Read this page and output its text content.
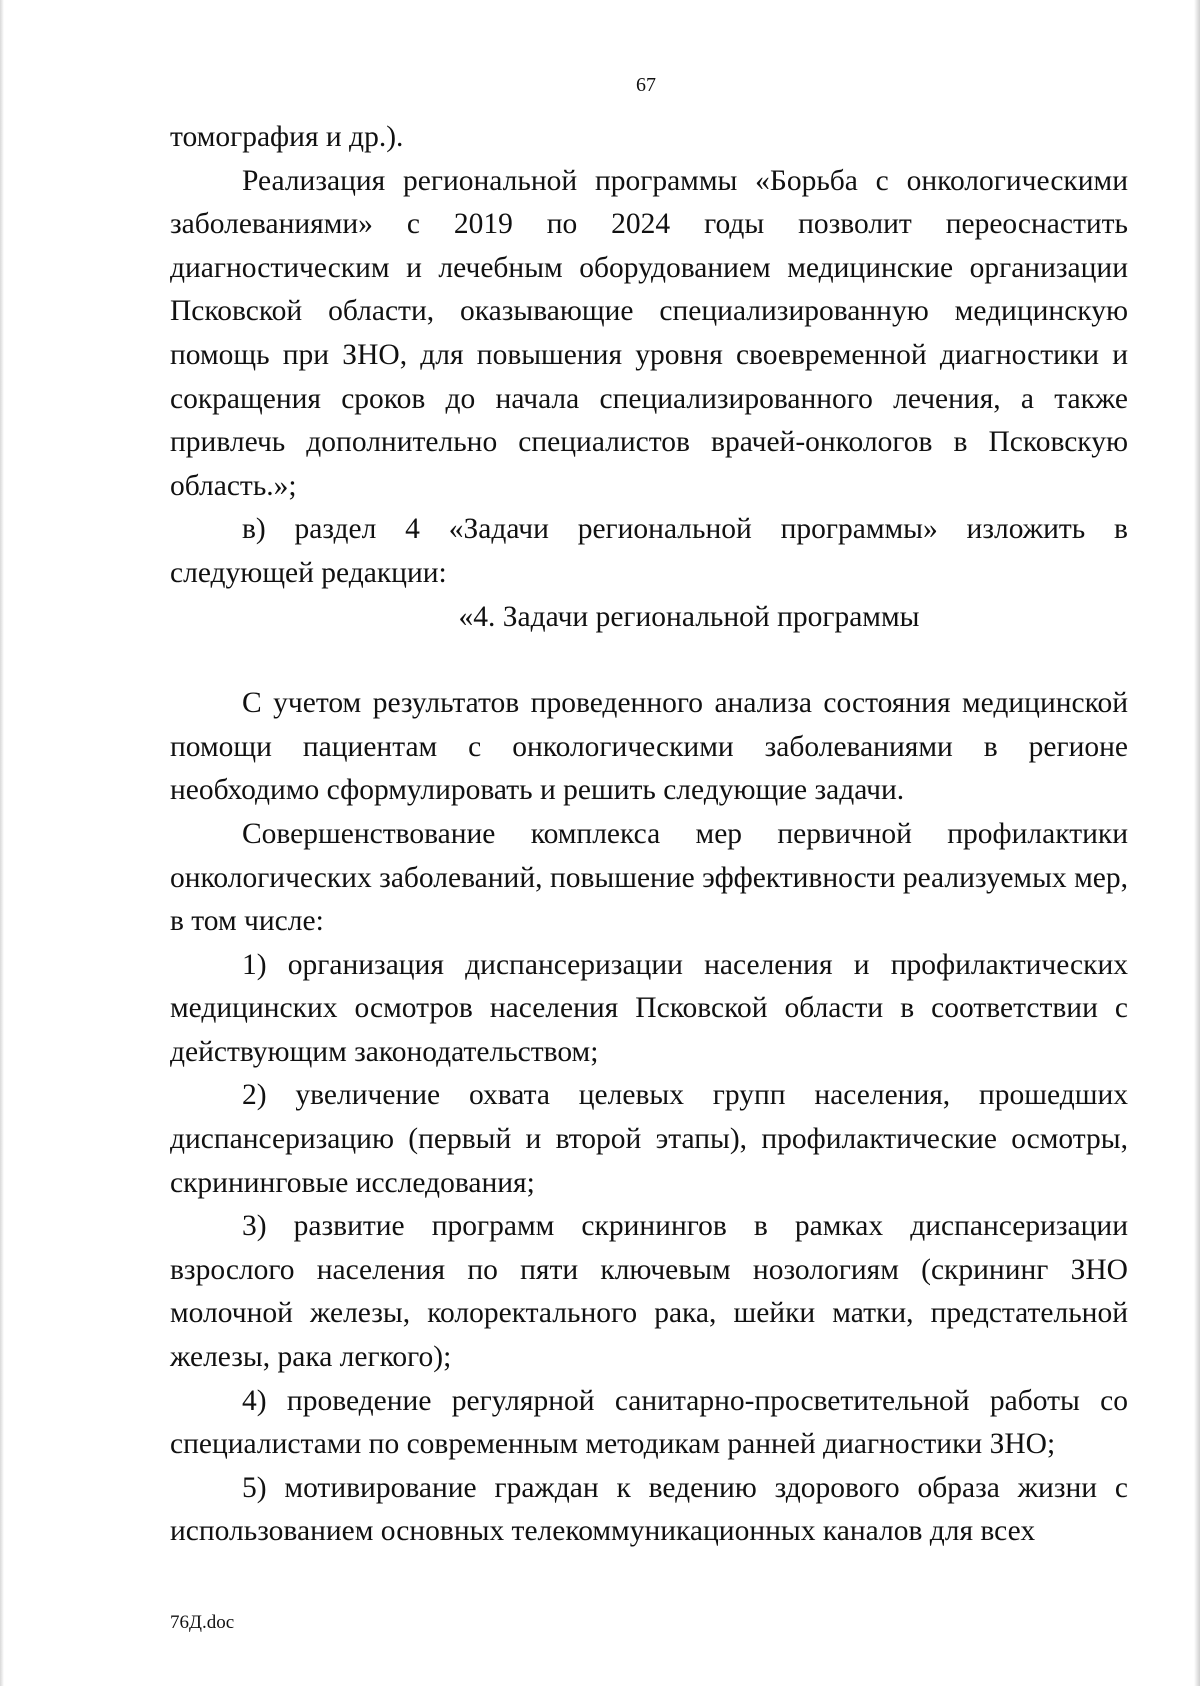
67

томография и др.).

Реализация региональной программы «Борьба с онкологическими заболеваниями» с 2019 по 2024 годы позволит переоснастить диагностическим и лечебным оборудованием медицинские организации Псковской области, оказывающие специализированную медицинскую помощь при ЗНО, для повышения уровня своевременной диагностики и сокращения сроков до начала специализированного лечения, а также привлечь дополнительно специалистов врачей-онкологов в Псковскую область.»;

в) раздел 4 «Задачи региональной программы» изложить в следующей редакции:

«4. Задачи региональной программы

С учетом результатов проведенного анализа состояния медицинской помощи пациентам с онкологическими заболеваниями в регионе необходимо сформулировать и решить следующие задачи.

Совершенствование комплекса мер первичной профилактики онкологических заболеваний, повышение эффективности реализуемых мер, в том числе:

1) организация диспансеризации населения и профилактических медицинских осмотров населения Псковской области в соответствии с действующим законодательством;

2) увеличение охвата целевых групп населения, прошедших диспансеризацию (первый и второй этапы), профилактические осмотры, скрининговые исследования;

3) развитие программ скринингов в рамках диспансеризации взрослого населения по пяти ключевым нозологиям (скрининг ЗНО молочной железы, колоректального рака, шейки матки, предстательной железы, рака легкого);

4) проведение регулярной санитарно-просветительной работы со специалистами по современным методикам ранней диагностики ЗНО;

5) мотивирование граждан к ведению здорового образа жизни с использованием основных телекоммуникационных каналов для всех

76Д.doc
